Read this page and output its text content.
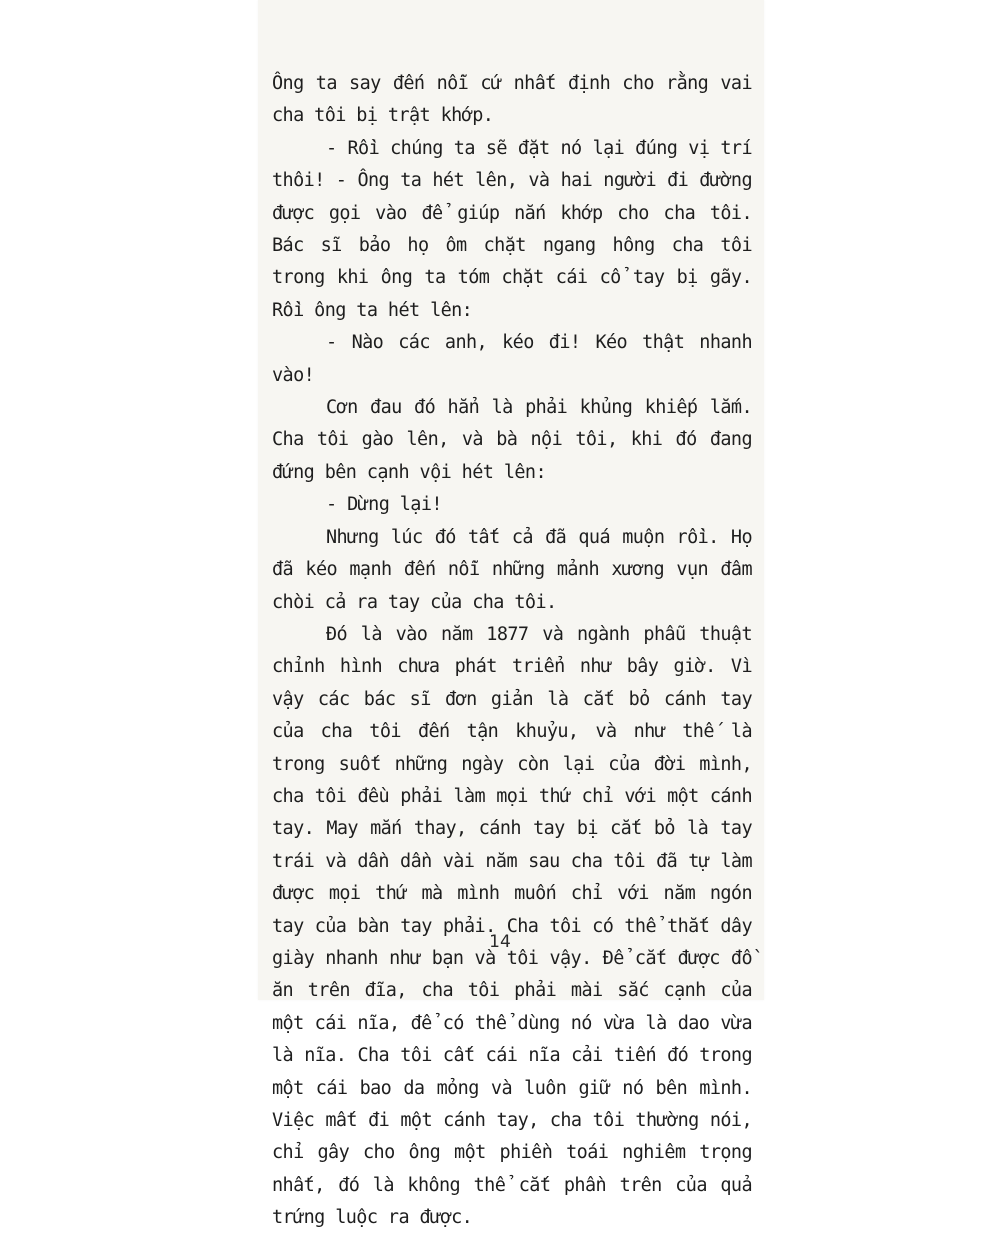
Ông ta say đến nỗi cứ nhất định cho rằng vai cha tôi bị trật khớp.

- Rồi chúng ta sẽ đặt nó lại đúng vị trí thôi! - Ông ta hét lên, và hai người đi đường được gọi vào để giúp nắn khớp cho cha tôi. Bác sĩ bảo họ ôm chặt ngang hông cha tôi trong khi ông ta tóm chặt cái cổ tay bị gãy. Rồi ông ta hét lên:

- Nào các anh, kéo đi! Kéo thật nhanh vào!

Cơn đau đó hẳn là phải khủng khiếp lắm. Cha tôi gào lên, và bà nội tôi, khi đó đang đứng bên cạnh vội hét lên:

- Dừng lại!

Nhưng lúc đó tất cả đã quá muộn rồi. Họ đã kéo mạnh đến nỗi những mảnh xương vụn đâm chòi cả ra tay của cha tôi.

Đó là vào năm 1877 và ngành phẫu thuật chỉnh hình chưa phát triển như bây giờ. Vì vậy các bác sĩ đơn giản là cắt bỏ cánh tay của cha tôi đến tận khuỷu, và như thế là trong suốt những ngày còn lại của đời mình, cha tôi đều phải làm mọi thứ chỉ với một cánh tay. May mắn thay, cánh tay bị cắt bỏ là tay trái và dần dần vài năm sau cha tôi đã tự làm được mọi thứ mà mình muốn chỉ với năm ngón tay của bàn tay phải. Cha tôi có thể thắt dây giày nhanh như bạn và tôi vậy. Để cắt được đồ ăn trên đĩa, cha tôi phải mài sắc cạnh của một cái nĩa, để có thể dùng nó vừa là dao vừa là nĩa. Cha tôi cất cái nĩa cải tiến đó trong một cái bao da mỏng và luôn giữ nó bên mình. Việc mất đi một cánh tay, cha tôi thường nói, chỉ gây cho ông một phiền toái nghiêm trọng nhất, đó là không thể cắt phần trên của quả trứng luộc ra được.

14
